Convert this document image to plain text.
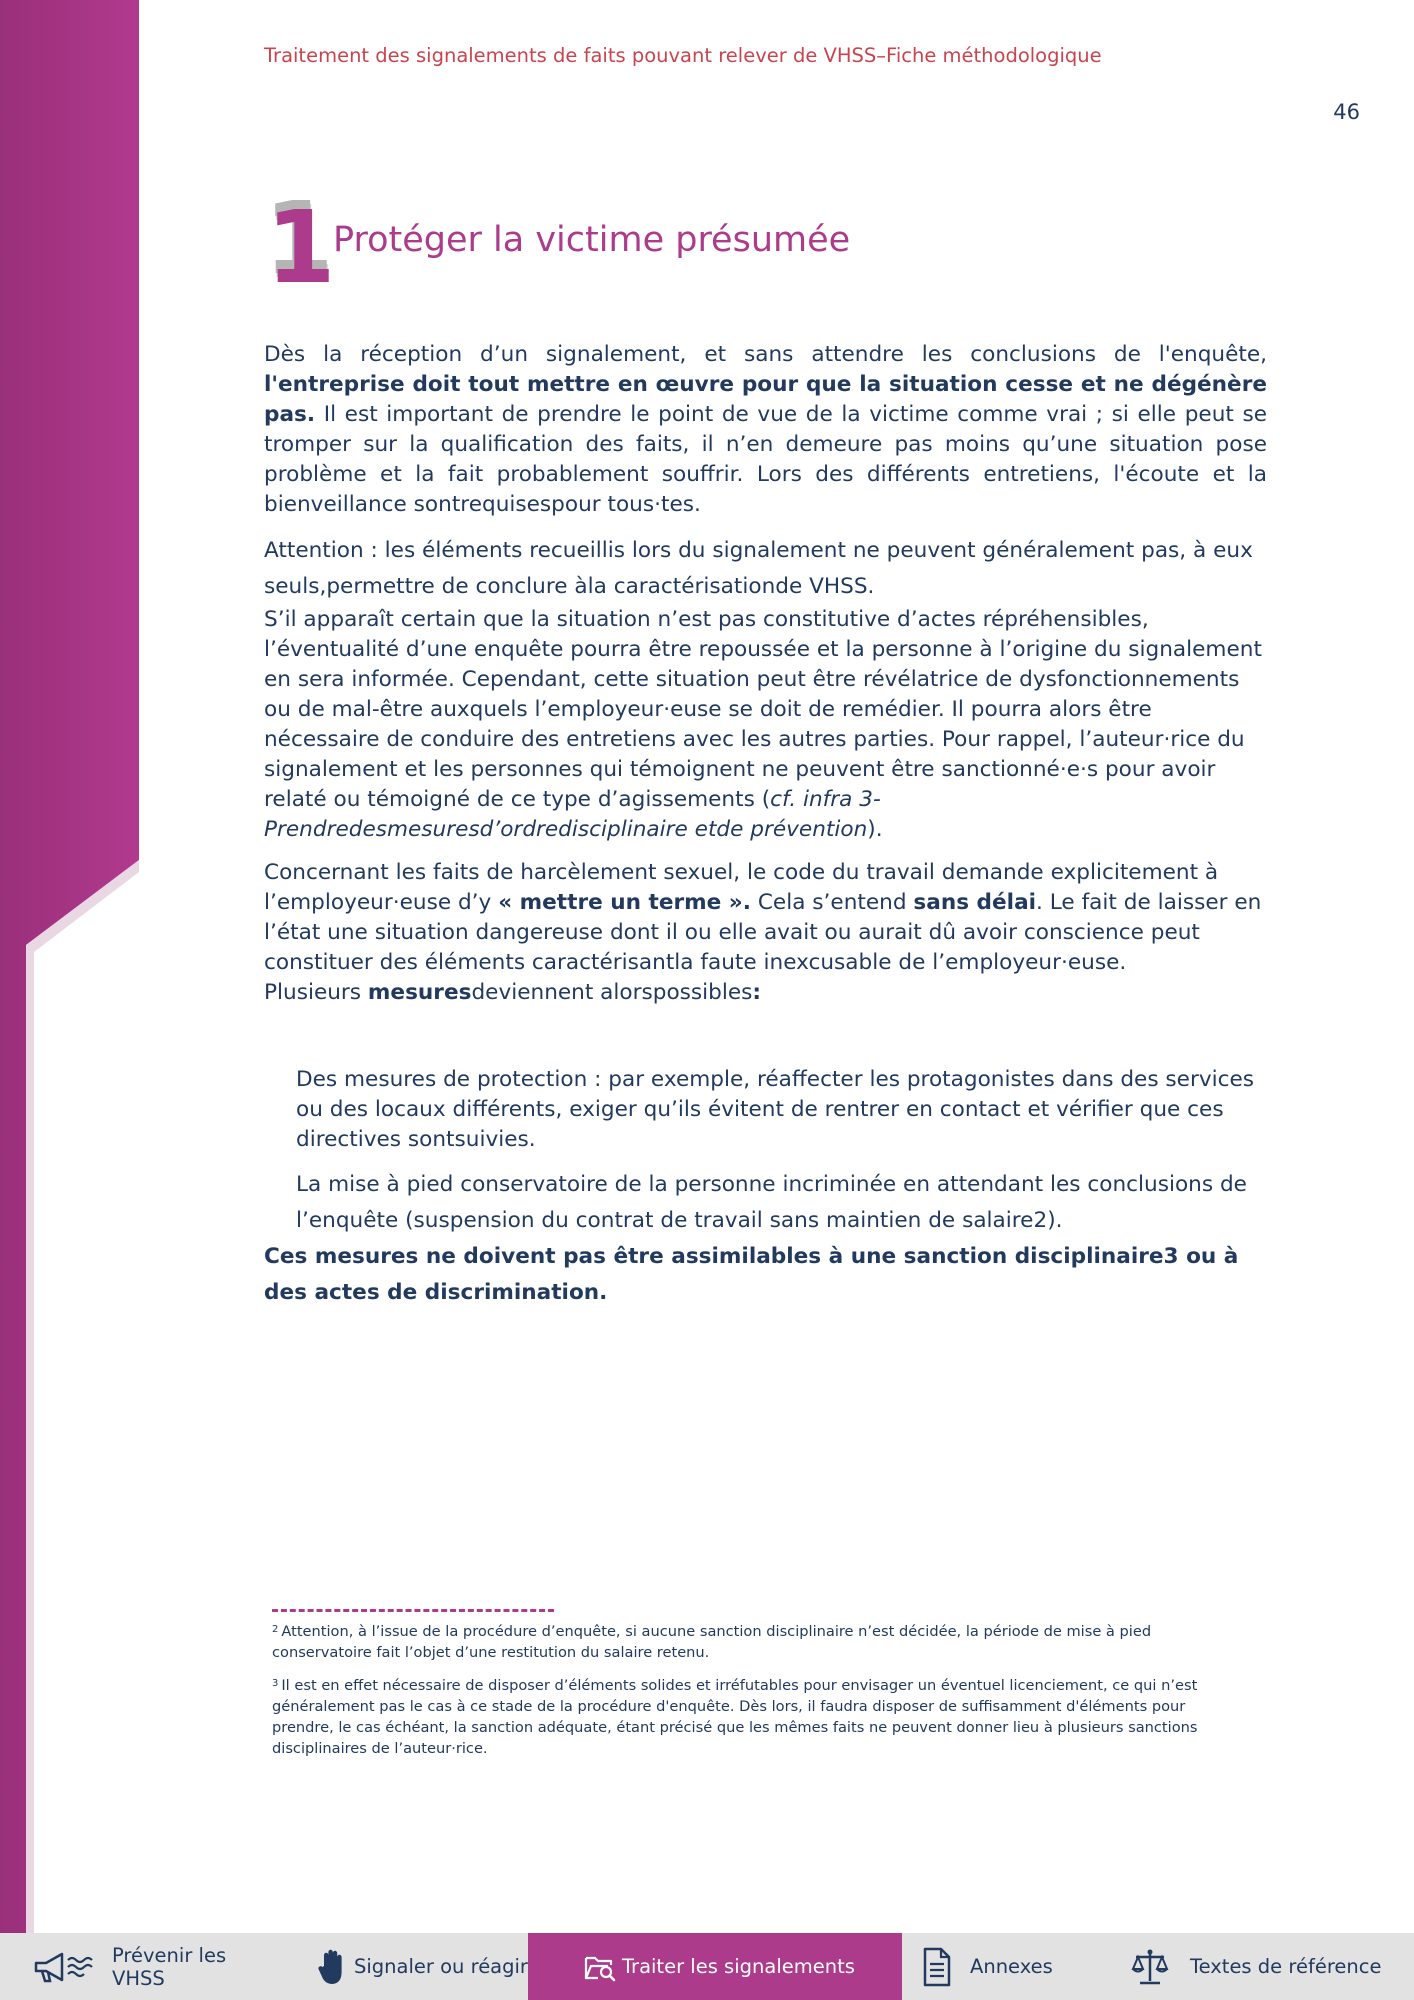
Traitement des signalements de faits pouvant relever de VHSS–Fiche méthodologique
46
1
Protéger la victime présumée

Dès la réception d’un signalement, et sans attendre les conclusions de l'enquête, l'entreprise doit tout mettre en œuvre pour que la situation cesse et ne dégénère pas. Il est important de prendre le point de vue de la victime comme vrai ; si elle peut se tromper sur la qualification des faits, il n’en demeure pas moins qu’une situation pose problème et la fait probablement souffrir. Lors des différents entretiens, l'écoute et la bienveillance sontrequisespour tous·tes.

Attention : les éléments recueillis lors du signalement ne peuvent généralement pas, à eux seuls,permettre de conclure àla caractérisationde VHSS.

S’il apparaît certain que la situation n’est pas constitutive d’actes répréhensibles, l’éventualité d’une enquête pourra être repoussée et la personne à l’origine du signalement en sera informée. Cependant, cette situation peut être révélatrice de dysfonctionnements ou de mal-être auxquels l’employeur·euse se doit de remédier. Il pourra alors être nécessaire de conduire des entretiens avec les autres parties. Pour rappel, l’auteur·rice du signalement et les personnes qui témoignent ne peuvent être sanctionné·e·s pour avoir relaté ou témoigné de ce type d’agissements (cf. infra 3-Prendredesmesuresd’ordredisciplinaire etde prévention).

Concernant les faits de harcèlement sexuel, le code du travail demande explicitement à l’employeur·euse d’y « mettre un terme ». Cela s’entend sans délai. Le fait de laisser en l’état une situation dangereuse dont il ou elle avait ou aurait dû avoir conscience peut constituer des éléments caractérisantla faute inexcusable de l’employeur·euse.

Plusieurs mesuresdeviennent alorspossibles:

Des mesures de protection : par exemple, réaffecter les protagonistes dans des services ou des locaux différents, exiger qu’ils évitent de rentrer en contact et vérifier que ces directives sontsuivies.

La mise à pied conservatoire de la personne incriminée en attendant les conclusions de l’enquête (suspension du contrat de travail sans maintien de salaire2).

Ces mesures ne doivent pas être assimilables à une sanction disciplinaire3 ou à des actes de discrimination.

$^2$ Attention, à l’issue de la procédure d’enquête, si aucune sanction disciplinaire n’est décidée, la période de mise à pied conservatoire fait l’objet d’une restitution du salaire retenu.

$^3$ Il est en effet nécessaire de disposer d’éléments solides et irréfutables pour envisager un éventuel licenciement, ce qui n’est généralement pas le cas à ce stade de la procédure d'enquête. Dès lors, il faudra disposer de suffisamment d'éléments pour prendre, le cas échéant, la sanction adéquate, étant précisé que les mêmes faits ne peuvent donner lieu à plusieurs sanctions disciplinaires de l’auteur·rice.

Prévenir les VHSS	Signaler ou réagir	Traiter les signalements	Annexes	Textes de référence
